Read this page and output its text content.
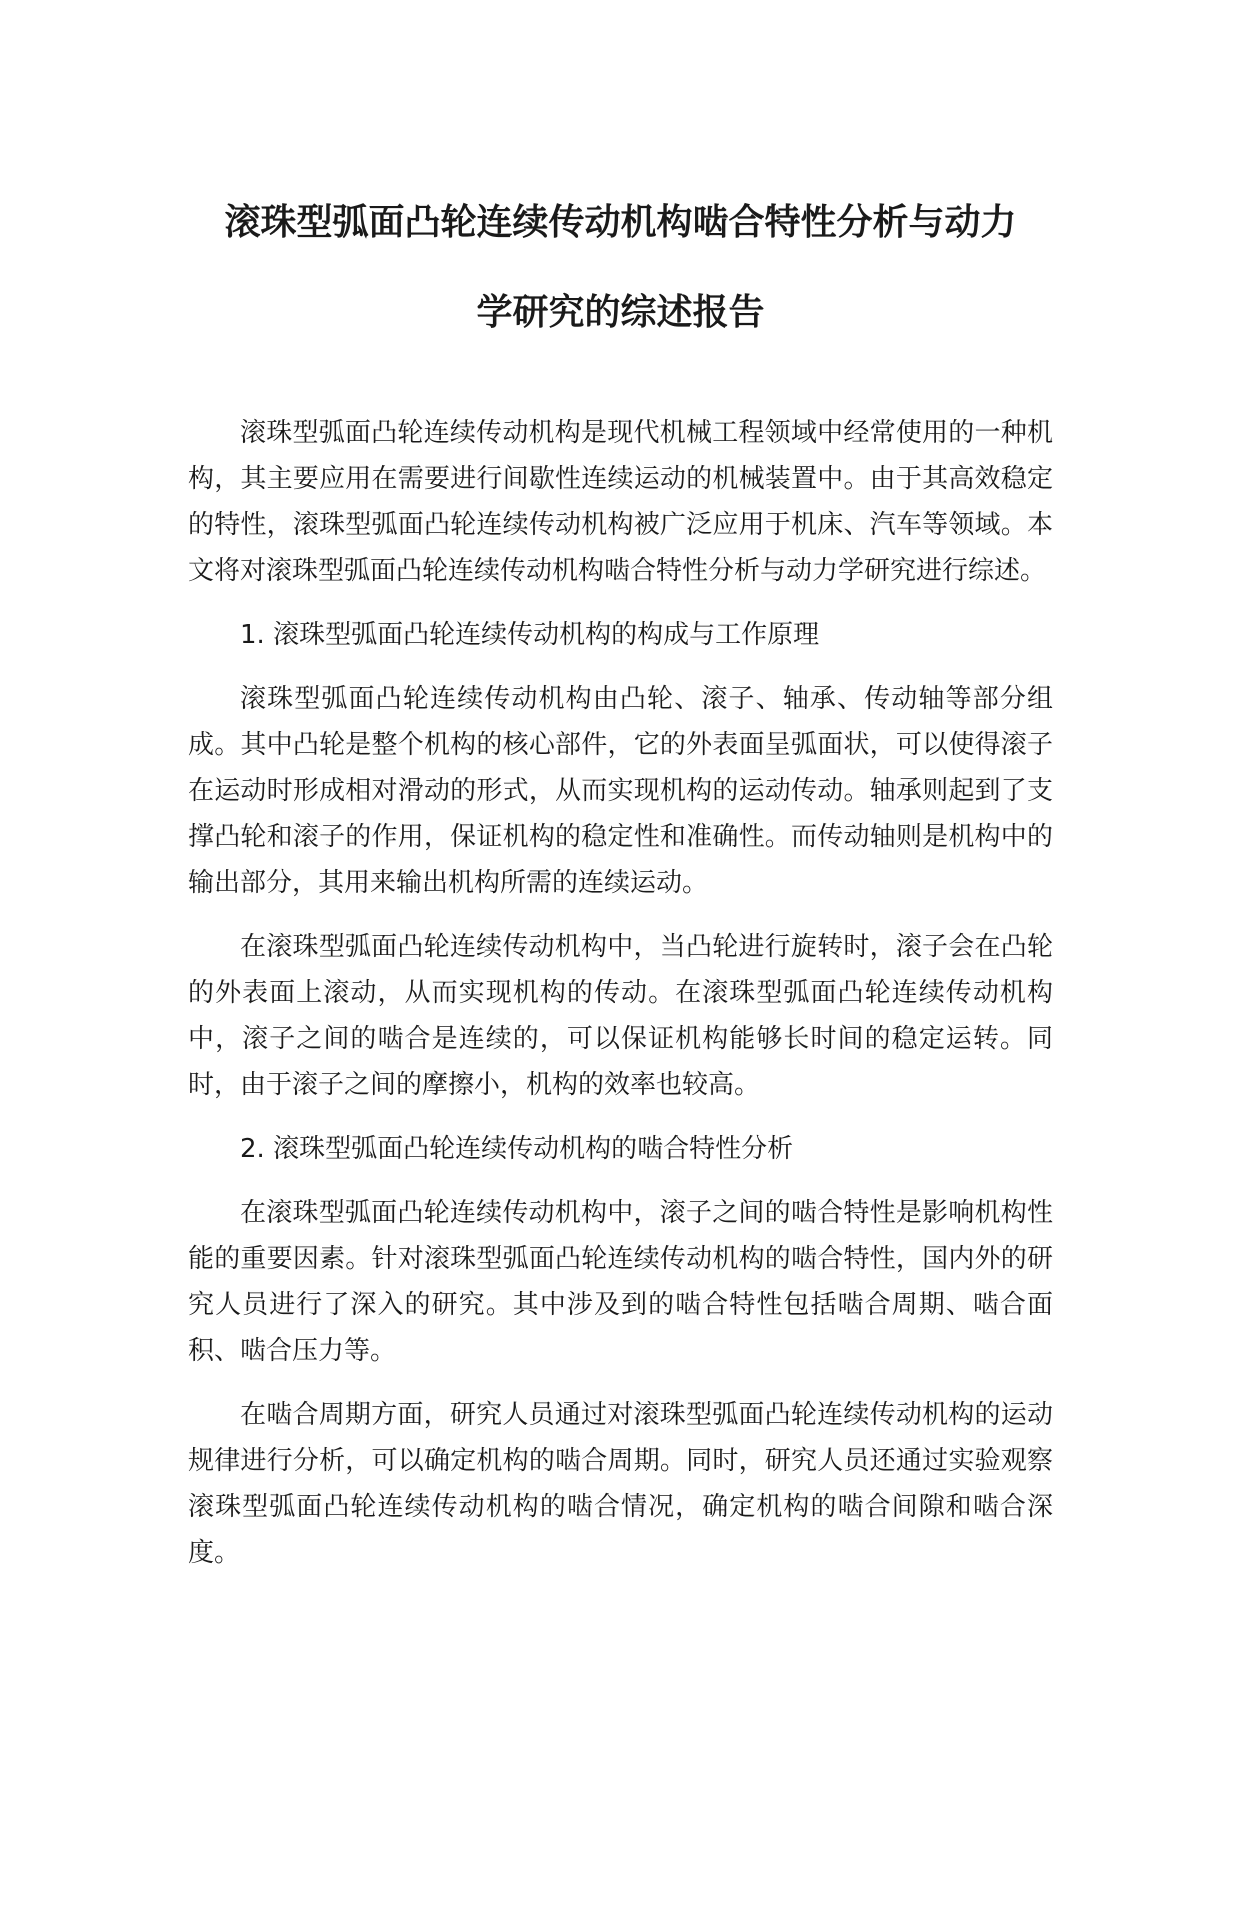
滚珠型弧面凸轮连续传动机构啮合特性分析与动力
学研究的综述报告

滚珠型弧面凸轮连续传动机构是现代机械工程领域中经常使用的一种机构，其主要应用在需要进行间歇性连续运动的机械装置中。由于其高效稳定的特性，滚珠型弧面凸轮连续传动机构被广泛应用于机床、汽车等领域。本文将对滚珠型弧面凸轮连续传动机构啮合特性分析与动力学研究进行综述。

1. 滚珠型弧面凸轮连续传动机构的构成与工作原理

滚珠型弧面凸轮连续传动机构由凸轮、滚子、轴承、传动轴等部分组成。其中凸轮是整个机构的核心部件，它的外表面呈弧面状，可以使得滚子在运动时形成相对滑动的形式，从而实现机构的运动传动。轴承则起到了支撑凸轮和滚子的作用，保证机构的稳定性和准确性。而传动轴则是机构中的输出部分，其用来输出机构所需的连续运动。

在滚珠型弧面凸轮连续传动机构中，当凸轮进行旋转时，滚子会在凸轮的外表面上滚动，从而实现机构的传动。在滚珠型弧面凸轮连续传动机构中，滚子之间的啮合是连续的，可以保证机构能够长时间的稳定运转。同时，由于滚子之间的摩擦小，机构的效率也较高。

2. 滚珠型弧面凸轮连续传动机构的啮合特性分析

在滚珠型弧面凸轮连续传动机构中，滚子之间的啮合特性是影响机构性能的重要因素。针对滚珠型弧面凸轮连续传动机构的啮合特性，国内外的研究人员进行了深入的研究。其中涉及到的啮合特性包括啮合周期、啮合面积、啮合压力等。

在啮合周期方面，研究人员通过对滚珠型弧面凸轮连续传动机构的运动规律进行分析，可以确定机构的啮合周期。同时，研究人员还通过实验观察滚珠型弧面凸轮连续传动机构的啮合情况，确定机构的啮合间隙和啮合深度。
